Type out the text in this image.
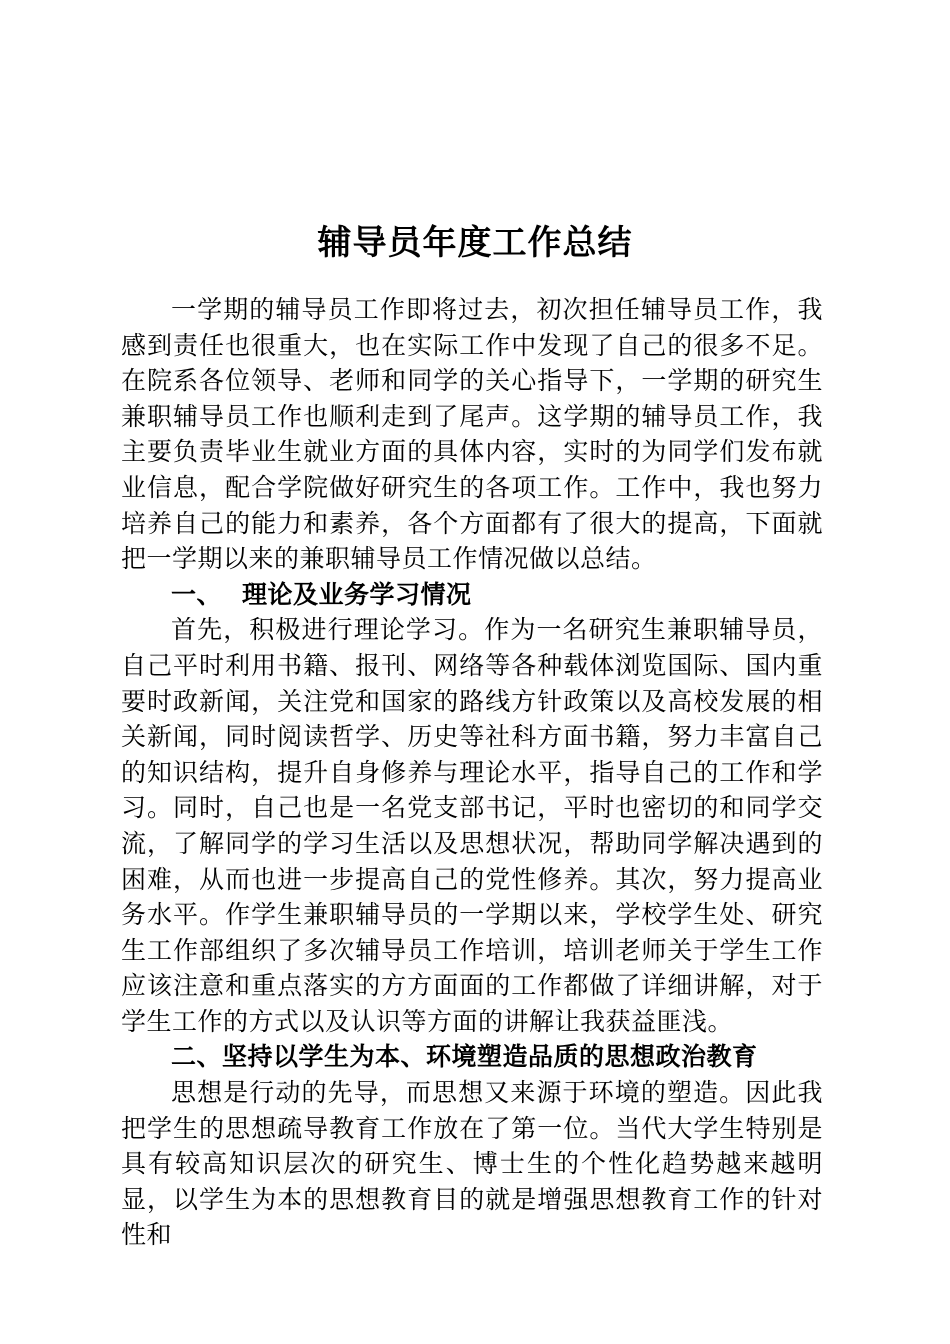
辅导员年度工作总结

一学期的辅导员工作即将过去，初次担任辅导员工作，我感到责任也很重大，也在实际工作中发现了自己的很多不足。在院系各位领导、老师和同学的关心指导下，一学期的研究生兼职辅导员工作也顺利走到了尾声。这学期的辅导员工作，我主要负责毕业生就业方面的具体内容，实时的为同学们发布就业信息，配合学院做好研究生的各项工作。工作中，我也努力培养自己的能力和素养，各个方面都有了很大的提高，下面就把一学期以来的兼职辅导员工作情况做以总结。

一、 理论及业务学习情况

首先，积极进行理论学习。作为一名研究生兼职辅导员，自己平时利用书籍、报刊、网络等各种载体浏览国际、国内重要时政新闻，关注党和国家的路线方针政策以及高校发展的相关新闻，同时阅读哲学、历史等社科方面书籍，努力丰富自己的知识结构，提升自身修养与理论水平，指导自己的工作和学习。同时，自己也是一名党支部书记，平时也密切的和同学交流，了解同学的学习生活以及思想状况，帮助同学解决遇到的困难，从而也进一步提高自己的党性修养。其次，努力提高业务水平。作学生兼职辅导员的一学期以来，学校学生处、研究生工作部组织了多次辅导员工作培训，培训老师关于学生工作应该注意和重点落实的方方面面的工作都做了详细讲解，对于学生工作的方式以及认识等方面的讲解让我获益匪浅。

二、坚持以学生为本、环境塑造品质的思想政治教育

思想是行动的先导，而思想又来源于环境的塑造。因此我把学生的思想疏导教育工作放在了第一位。当代大学生特别是具有较高知识层次的研究生、博士生的个性化趋势越来越明显，以学生为本的思想教育目的就是增强思想教育工作的针对性和
